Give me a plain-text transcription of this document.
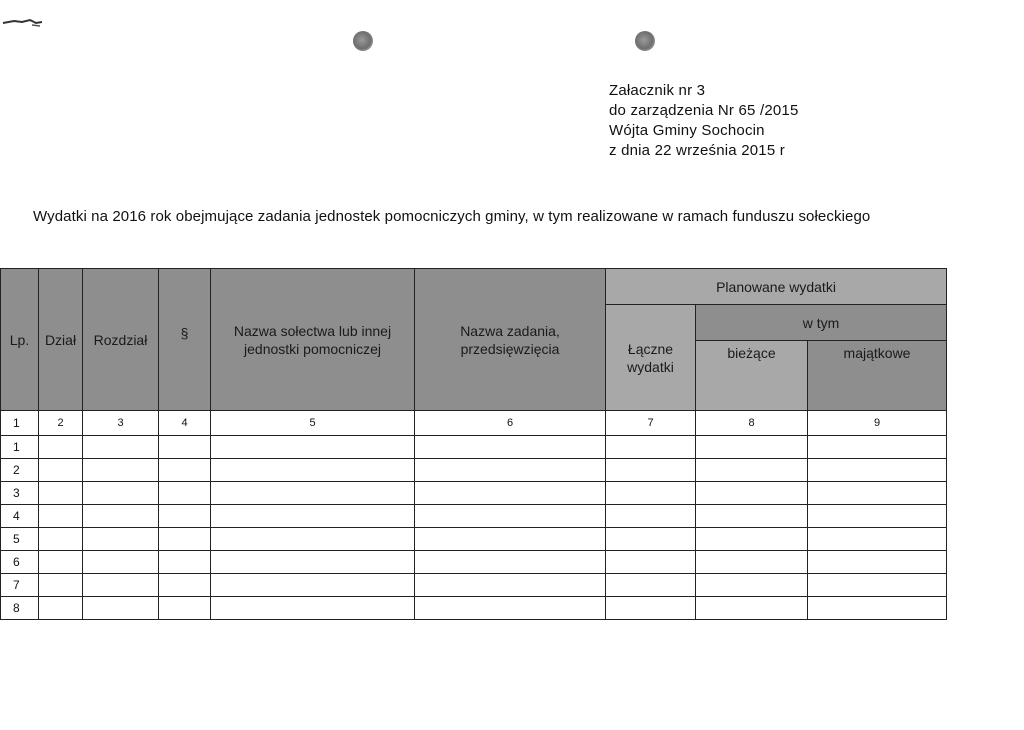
Załacznik nr 3
do zarządzenia Nr 65 /2015
Wójta Gminy Sochocin
z dnia 22 września 2015 r
Wydatki na 2016 rok obejmujące zadania jednostek pomocniczych gminy, w tym realizowane w ramach funduszu sołeckiego
Lp.	Dział	Rozdział	§	Nazwa sołectwa lub innej jednostki pomocniczej	Nazwa zadania, przedsięwzięcia	Planowane wydatki		

						Łączne wydatki	w tym	

							bieżące	majątkowe

1	2	3	4	5	6	7	8	9
1								
2								
3								
4								
5								
6								
7								
8								
